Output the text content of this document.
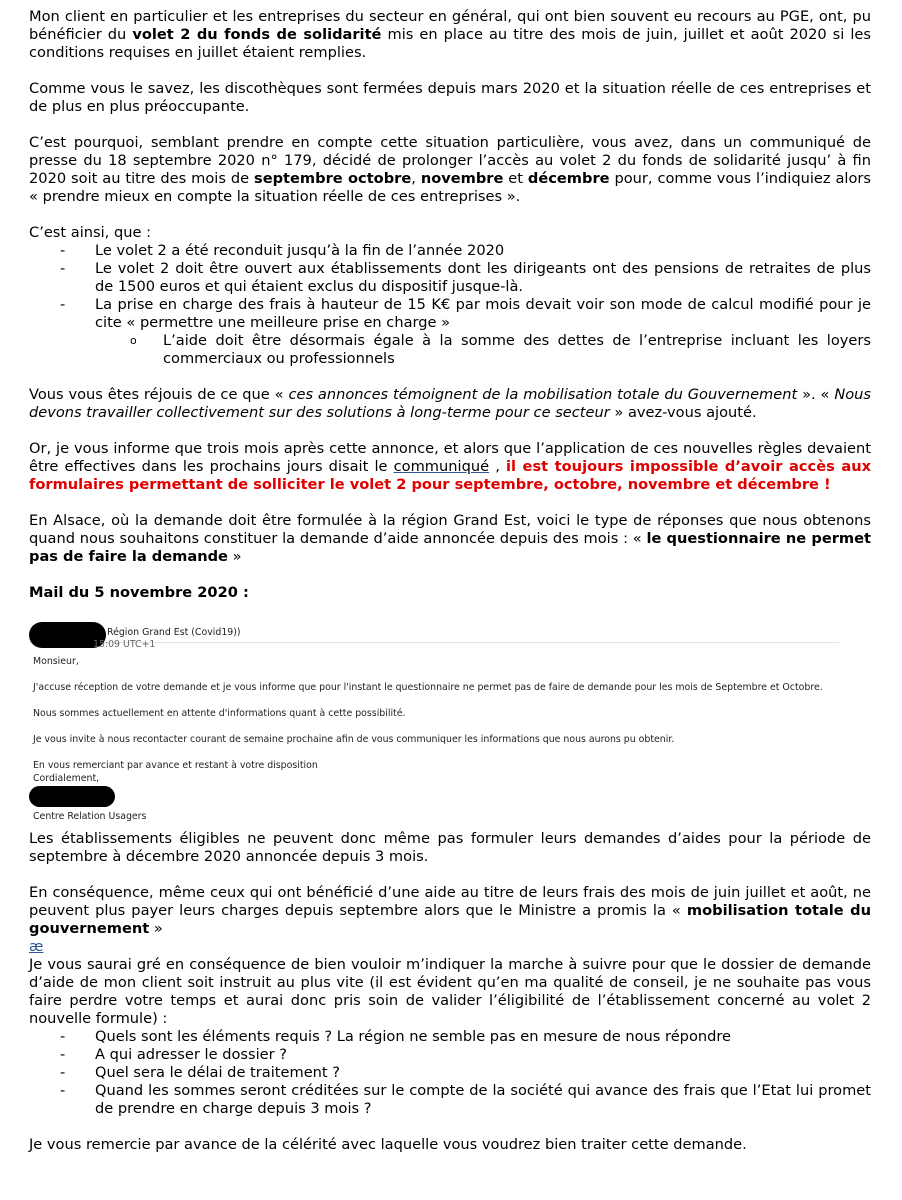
Mon client en particulier et les entreprises du secteur en général, qui ont bien souvent eu recours au PGE, ont, pu bénéficier du volet 2 du fonds de solidarité mis en place au titre des mois de juin, juillet et août 2020 si les conditions requises en juillet étaient remplies.

Comme vous le savez, les discothèques sont fermées depuis mars 2020 et la situation réelle de ces entreprises et de plus en plus préoccupante.

C’est pourquoi, semblant prendre en compte cette situation particulière, vous avez, dans un communiqué de presse du 18 septembre 2020 n° 179, décidé de prolonger l’accès au volet 2 du fonds de solidarité jusqu’ à fin 2020 soit au titre des mois de septembre octobre, novembre et décembre pour, comme vous l’indiquiez alors « prendre mieux en compte la situation réelle de ces entreprises ».

C’est ainsi, que :

- Le volet 2 a été reconduit jusqu’à la fin de l’année 2020
- Le volet 2 doit être ouvert aux établissements dont les dirigeants ont des pensions de retraites de plus de 1500 euros et qui étaient exclus du dispositif jusque-là.
- La prise en charge des frais à hauteur de 15 K€ par mois devait voir son mode de calcul modifié pour je cite « permettre une meilleure prise en charge »
o L’aide doit être désormais égale à la somme des dettes de l’entreprise incluant les loyers commerciaux ou professionnels

Vous vous êtes réjouis de ce que « ces annonces témoignent de la mobilisation totale du Gouvernement ». « Nous devons travailler collectivement sur des solutions à long-terme pour ce secteur » avez-vous ajouté.

Or, je vous informe que trois mois après cette annonce, et alors que l’application de ces nouvelles règles devaient être effectives dans les prochains jours disait le communiqué , il est toujours impossible d’avoir accès aux formulaires permettant de solliciter le volet 2 pour septembre, octobre, novembre et décembre !

En Alsace, où la demande doit être formulée à la région Grand Est, voici le type de réponses que nous obtenons quand nous souhaitons constituer la demande d’aide annoncée depuis des mois : « le questionnaire ne permet pas de faire la demande »

Mail du 5 novembre 2020 :

Région Grand Est (Covid19))
15:09 UTC+1
Monsieur,
J'accuse réception de votre demande et je vous informe que pour l'instant le questionnaire ne permet pas de faire de demande pour les mois de Septembre et Octobre.
Nous sommes actuellement en attente d'informations quant à cette possibilité.
Je vous invite à nous recontacter courant de semaine prochaine afin de vous communiquer les informations que nous aurons pu obtenir.
En vous remerciant par avance et restant à votre disposition
Cordialement,
Centre Relation Usagers

Les établissements éligibles ne peuvent donc même pas formuler leurs demandes d’aides pour la période de septembre à décembre 2020 annoncée depuis 3 mois.

En conséquence, même ceux qui ont bénéficié d’une aide au titre de leurs frais des mois de juin juillet et août, ne peuvent plus payer leurs charges depuis septembre alors que le Ministre a promis la « mobilisation totale du gouvernement »

æ

Je vous saurai gré en conséquence de bien vouloir m’indiquer la marche à suivre pour que le dossier de demande d’aide de mon client soit instruit au plus vite (il est évident qu’en ma qualité de conseil, je ne souhaite pas vous faire perdre votre temps et aurai donc pris soin de valider l’éligibilité de l’établissement concerné au volet 2 nouvelle formule) :

- Quels sont les éléments requis ? La région ne semble pas en mesure de nous répondre
- A qui adresser le dossier ?
- Quel sera le délai de traitement ?
- Quand les sommes seront créditées sur le compte de la société qui avance des frais que l’Etat lui promet de prendre en charge depuis 3 mois ?

Je vous remercie par avance de la célérité avec laquelle vous voudrez bien traiter cette demande.
